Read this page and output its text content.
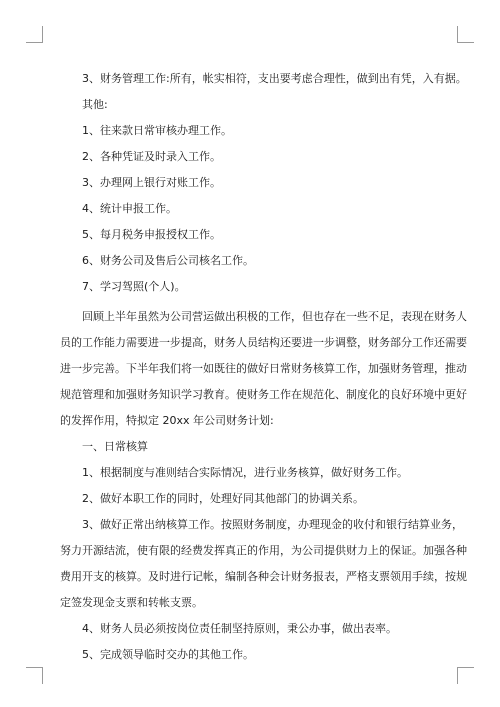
3、财务管理工作:所有，帐实相符，支出要考虑合理性，做到出有凭，入有据。
其他:
1、往来款日常审核办理工作。
2、各种凭证及时录入工作。
3、办理网上银行对账工作。
4、统计申报工作。
5、每月税务申报授权工作。
6、财务公司及售后公司核名工作。
7、学习驾照(个人)。
回顾上半年虽然为公司营运做出积极的工作，但也存在一些不足，表现在财务人
员的工作能力需要进一步提高，财务人员结构还要进一步调整，财务部分工作还需要
进一步完善。下半年我们将一如既往的做好日常财务核算工作，加强财务管理，推动
规范管理和加强财务知识学习教育。使财务工作在规范化、制度化的良好环境中更好
的发挥作用，特拟定 20xx 年公司财务计划:
一、日常核算
1、根据制度与准则结合实际情况，进行业务核算，做好财务工作。
2、做好本职工作的同时，处理好同其他部门的协调关系。
3、做好正常出纳核算工作。按照财务制度，办理现金的收付和银行结算业务，
努力开源结流，使有限的经费发挥真正的作用，为公司提供财力上的保证。加强各种
费用开支的核算。及时进行记帐，编制各种会计财务报表，严格支票领用手续，按规
定签发现金支票和转帐支票。
4、财务人员必须按岗位责任制坚持原则，秉公办事，做出表率。
5、完成领导临时交办的其他工作。
